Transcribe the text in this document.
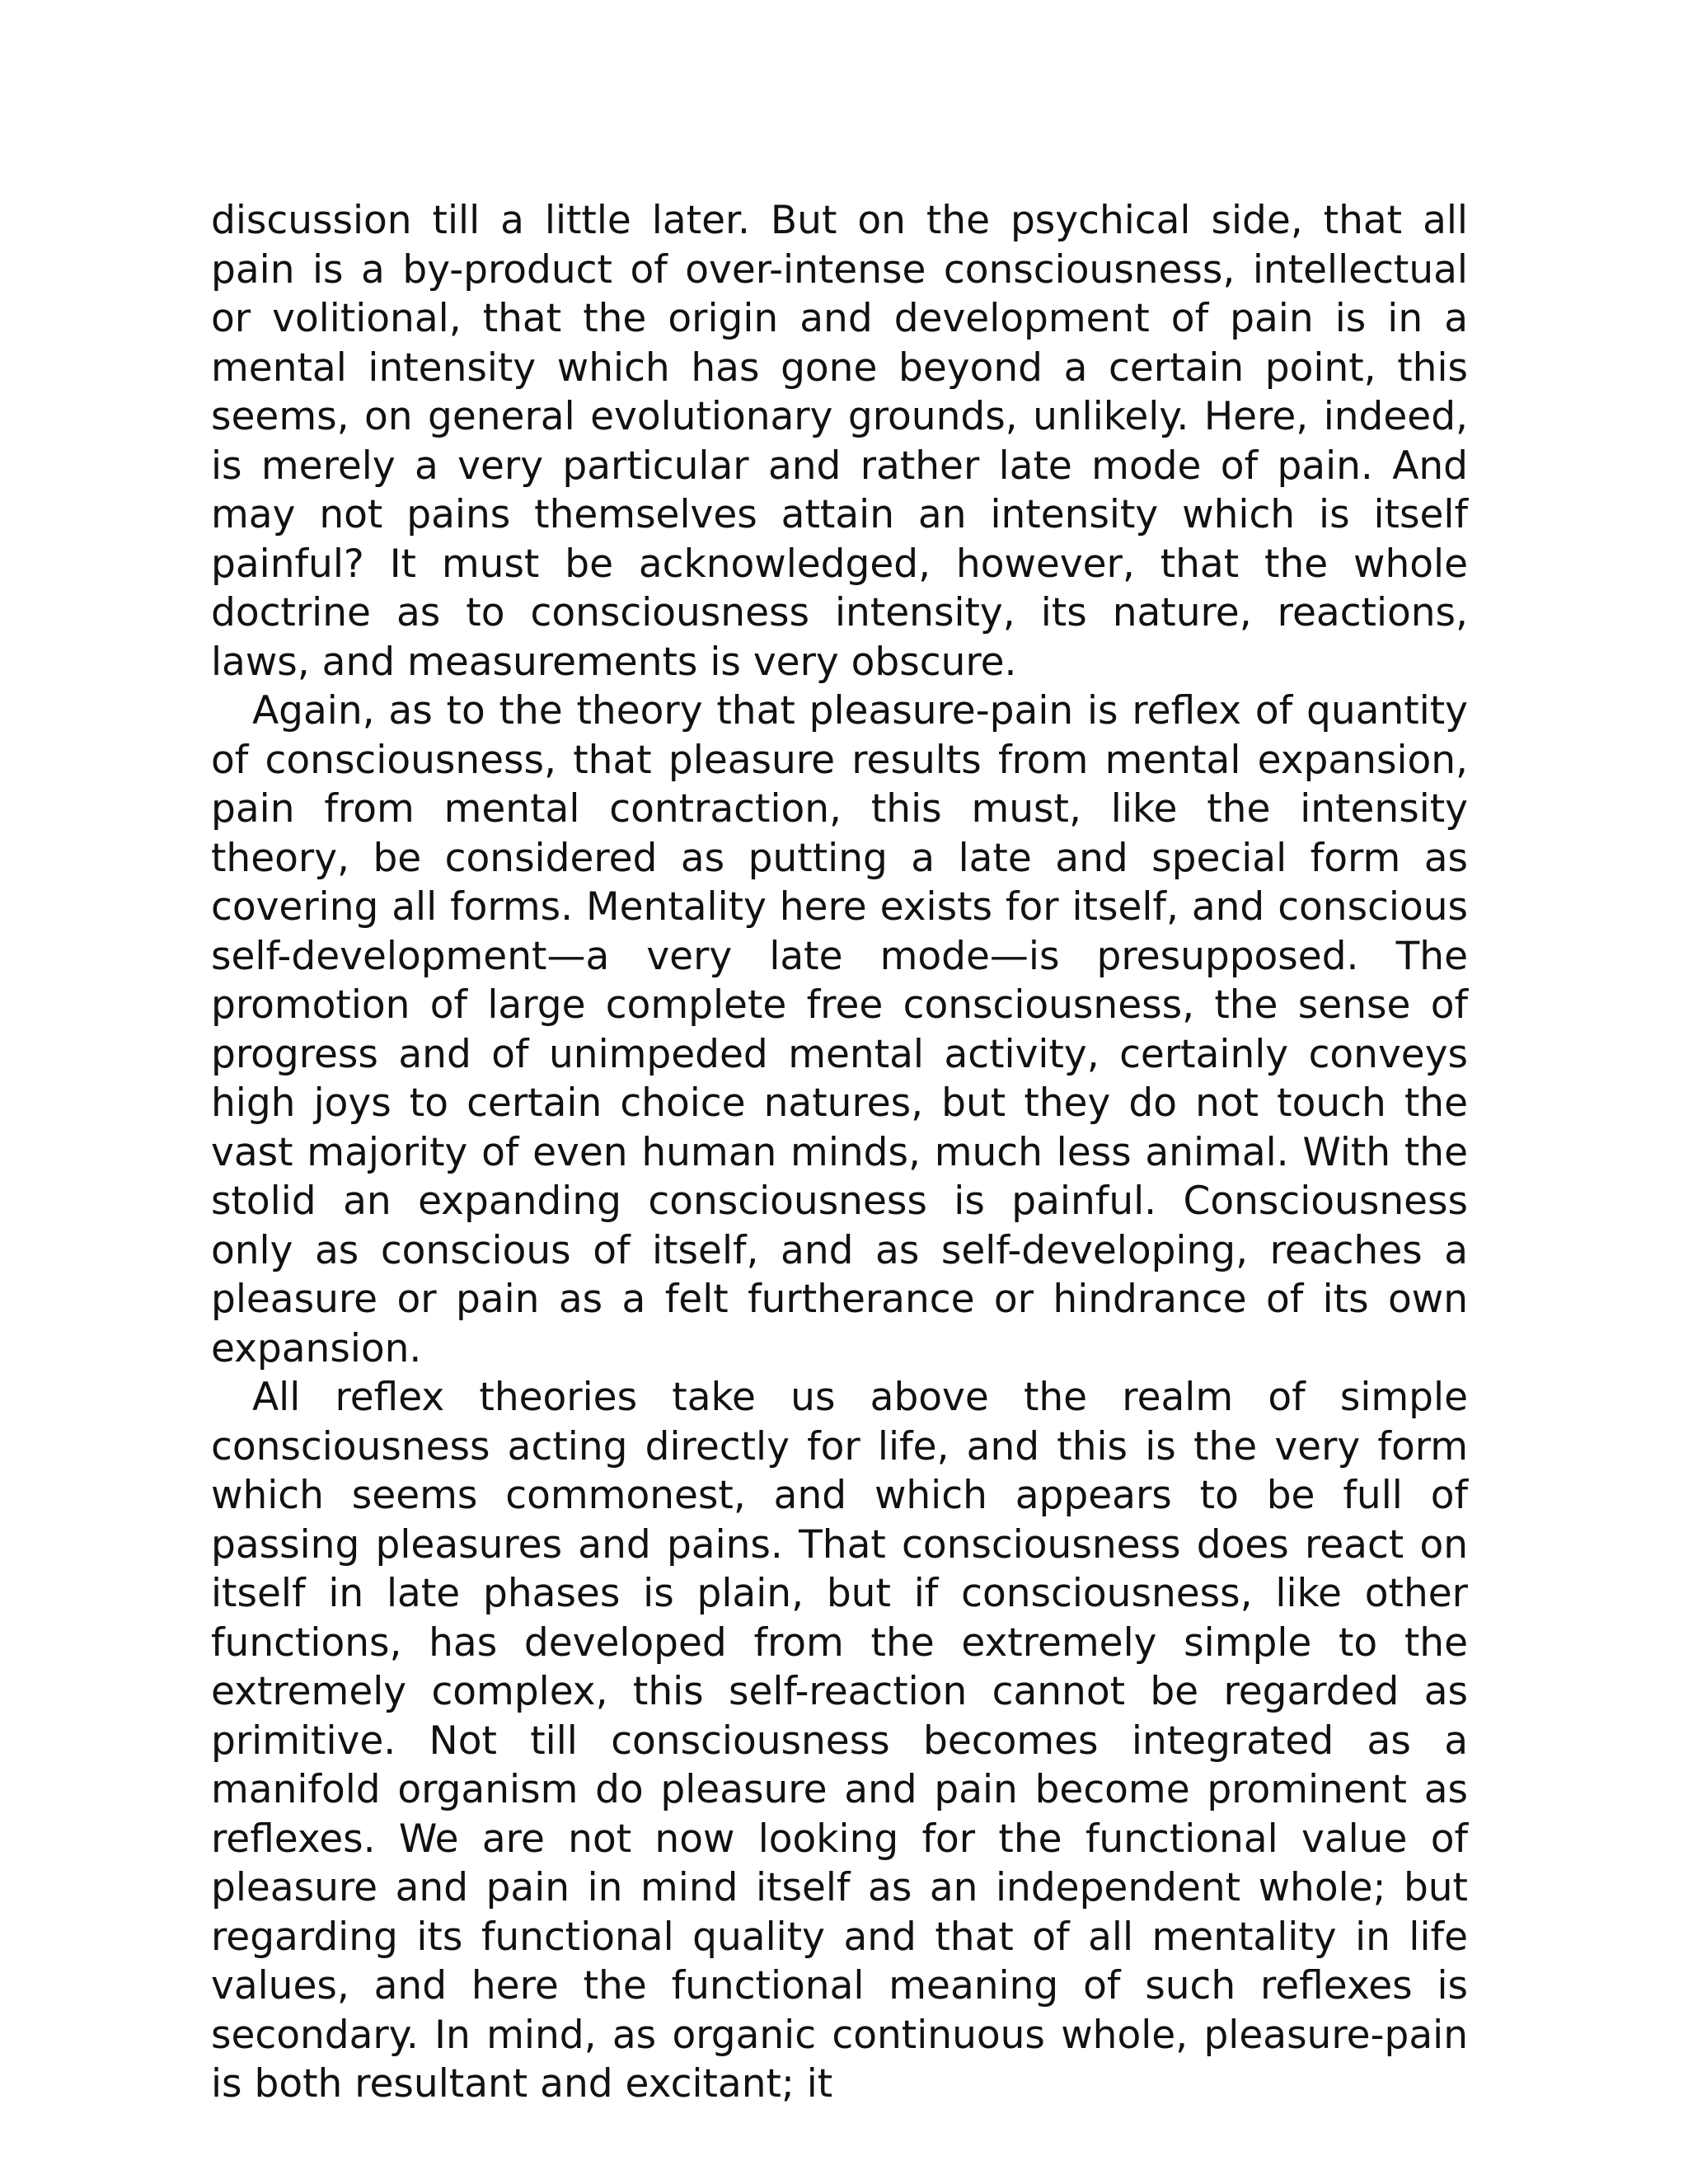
discussion till a little later. But on the psychical side, that all pain is a by-product of over-intense consciousness, intellectual or volitional, that the origin and development of pain is in a mental intensity which has gone beyond a certain point, this seems, on general evolutionary grounds, unlikely. Here, indeed, is merely a very particular and rather late mode of pain. And may not pains themselves attain an intensity which is itself painful? It must be acknowledged, however, that the whole doctrine as to consciousness intensity, its nature, reactions, laws, and measurements is very obscure.

Again, as to the theory that pleasure-pain is reflex of quantity of consciousness, that pleasure results from mental expansion, pain from mental contraction, this must, like the intensity theory, be considered as putting a late and special form as covering all forms. Mentality here exists for itself, and conscious self-development—a very late mode—is presupposed. The promotion of large complete free consciousness, the sense of progress and of unimpeded mental activity, certainly conveys high joys to certain choice natures, but they do not touch the vast majority of even human minds, much less animal. With the stolid an expanding consciousness is painful. Consciousness only as conscious of itself, and as self-developing, reaches a pleasure or pain as a felt furtherance or hindrance of its own expansion.

All reflex theories take us above the realm of simple consciousness acting directly for life, and this is the very form which seems commonest, and which appears to be full of passing pleasures and pains. That consciousness does react on itself in late phases is plain, but if consciousness, like other functions, has developed from the extremely simple to the extremely complex, this self-reaction cannot be regarded as primitive. Not till consciousness becomes integrated as a manifold organism do pleasure and pain become prominent as reflexes. We are not now looking for the functional value of pleasure and pain in mind itself as an independent whole; but regarding its functional quality and that of all mentality in life values, and here the functional meaning of such reflexes is secondary. In mind, as organic continuous whole, pleasure-pain is both resultant and excitant; it
